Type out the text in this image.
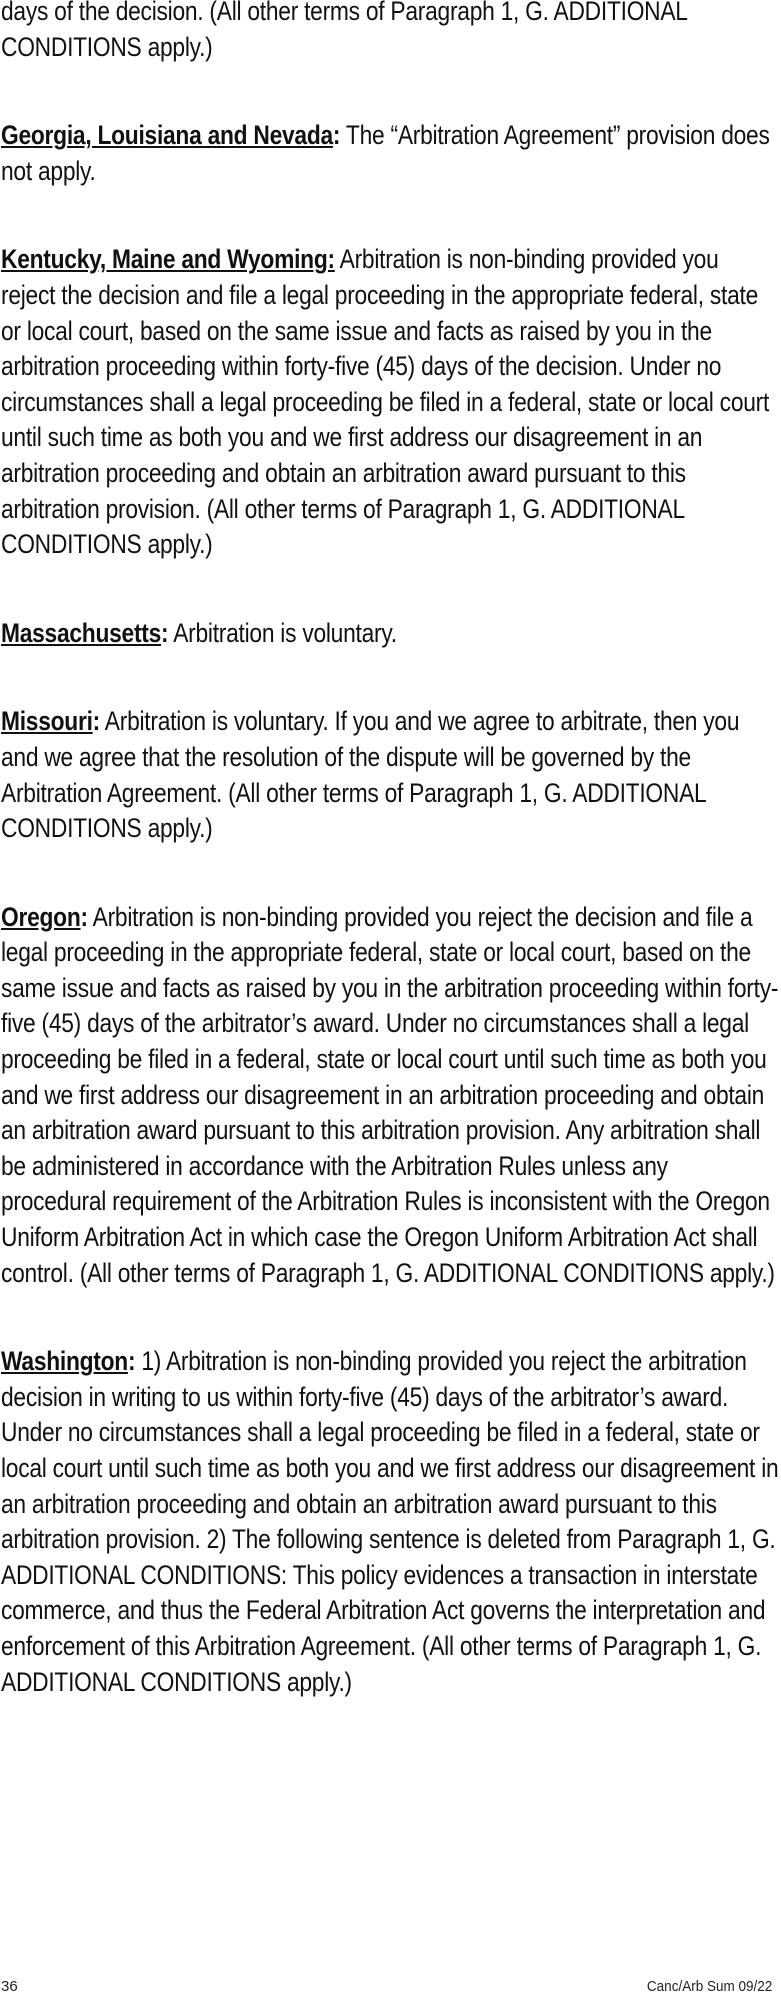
days of the decision. (All other terms of Paragraph 1, G. ADDITIONAL CONDITIONS apply.)

Georgia, Louisiana and Nevada: The “Arbitration Agreement” provision does not apply.

Kentucky, Maine and Wyoming: Arbitration is non-binding provided you reject the decision and file a legal proceeding in the appropriate federal, state or local court, based on the same issue and facts as raised by you in the arbitration proceeding within forty-five (45) days of the decision. Under no circumstances shall a legal proceeding be filed in a federal, state or local court until such time as both you and we first address our disagreement in an arbitration proceeding and obtain an arbitration award pursuant to this arbitration provision. (All other terms of Paragraph 1, G. ADDITIONAL CONDITIONS apply.)

Massachusetts: Arbitration is voluntary.

Missouri: Arbitration is voluntary. If you and we agree to arbitrate, then you and we agree that the resolution of the dispute will be governed by the Arbitration Agreement. (All other terms of Paragraph 1, G. ADDITIONAL CONDITIONS apply.)

Oregon: Arbitration is non-binding provided you reject the decision and file a legal proceeding in the appropriate federal, state or local court, based on the same issue and facts as raised by you in the arbitration proceeding within forty-five (45) days of the arbitrator’s award. Under no circumstances shall a legal proceeding be filed in a federal, state or local court until such time as both you and we first address our disagreement in an arbitration proceeding and obtain an arbitration award pursuant to this arbitration provision. Any arbitration shall be administered in accordance with the Arbitration Rules unless any procedural requirement of the Arbitration Rules is inconsistent with the Oregon Uniform Arbitration Act in which case the Oregon Uniform Arbitration Act shall control. (All other terms of Paragraph 1, G. ADDITIONAL CONDITIONS apply.)

Washington: 1) Arbitration is non-binding provided you reject the arbitration decision in writing to us within forty-five (45) days of the arbitrator’s award. Under no circumstances shall a legal proceeding be filed in a federal, state or local court until such time as both you and we first address our disagreement in an arbitration proceeding and obtain an arbitration award pursuant to this arbitration provision. 2) The following sentence is deleted from Paragraph 1, G. ADDITIONAL CONDITIONS: This policy evidences a transaction in interstate commerce, and thus the Federal Arbitration Act governs the interpretation and enforcement of this Arbitration Agreement. (All other terms of Paragraph 1, G. ADDITIONAL CONDITIONS apply.)

36	Canc/Arb Sum 09/22
